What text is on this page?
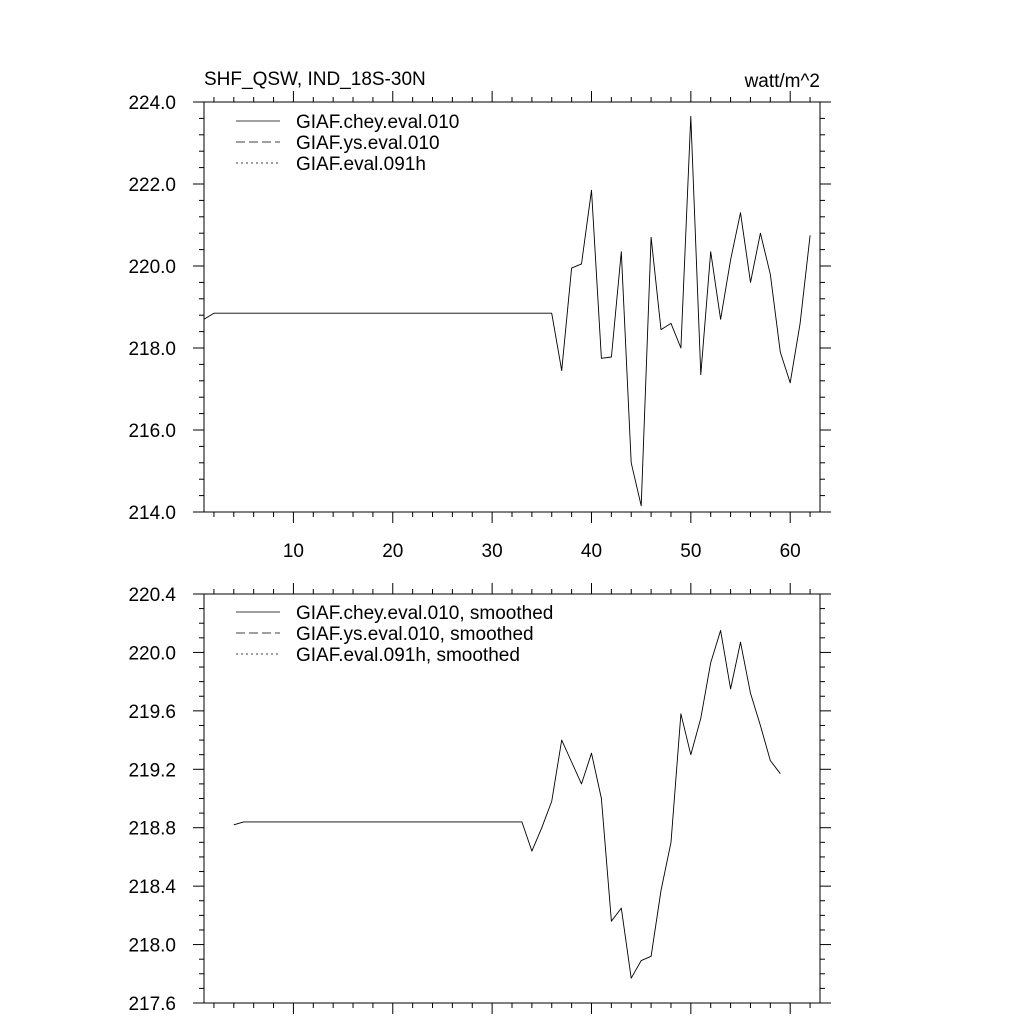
SHF_QSW, IND_18S-30N	watt/m^2
10	20	30	40	50	60
214.0
216.0
218.0
220.0
222.0
224.0
GIAF.chey.eval.010
GIAF.ys.eval.010
GIAF.eval.091h
217.6
218.0
218.4
218.8
219.2
219.6
220.0
220.4
GIAF.chey.eval.010, smoothed
GIAF.ys.eval.010, smoothed
GIAF.eval.091h, smoothed
